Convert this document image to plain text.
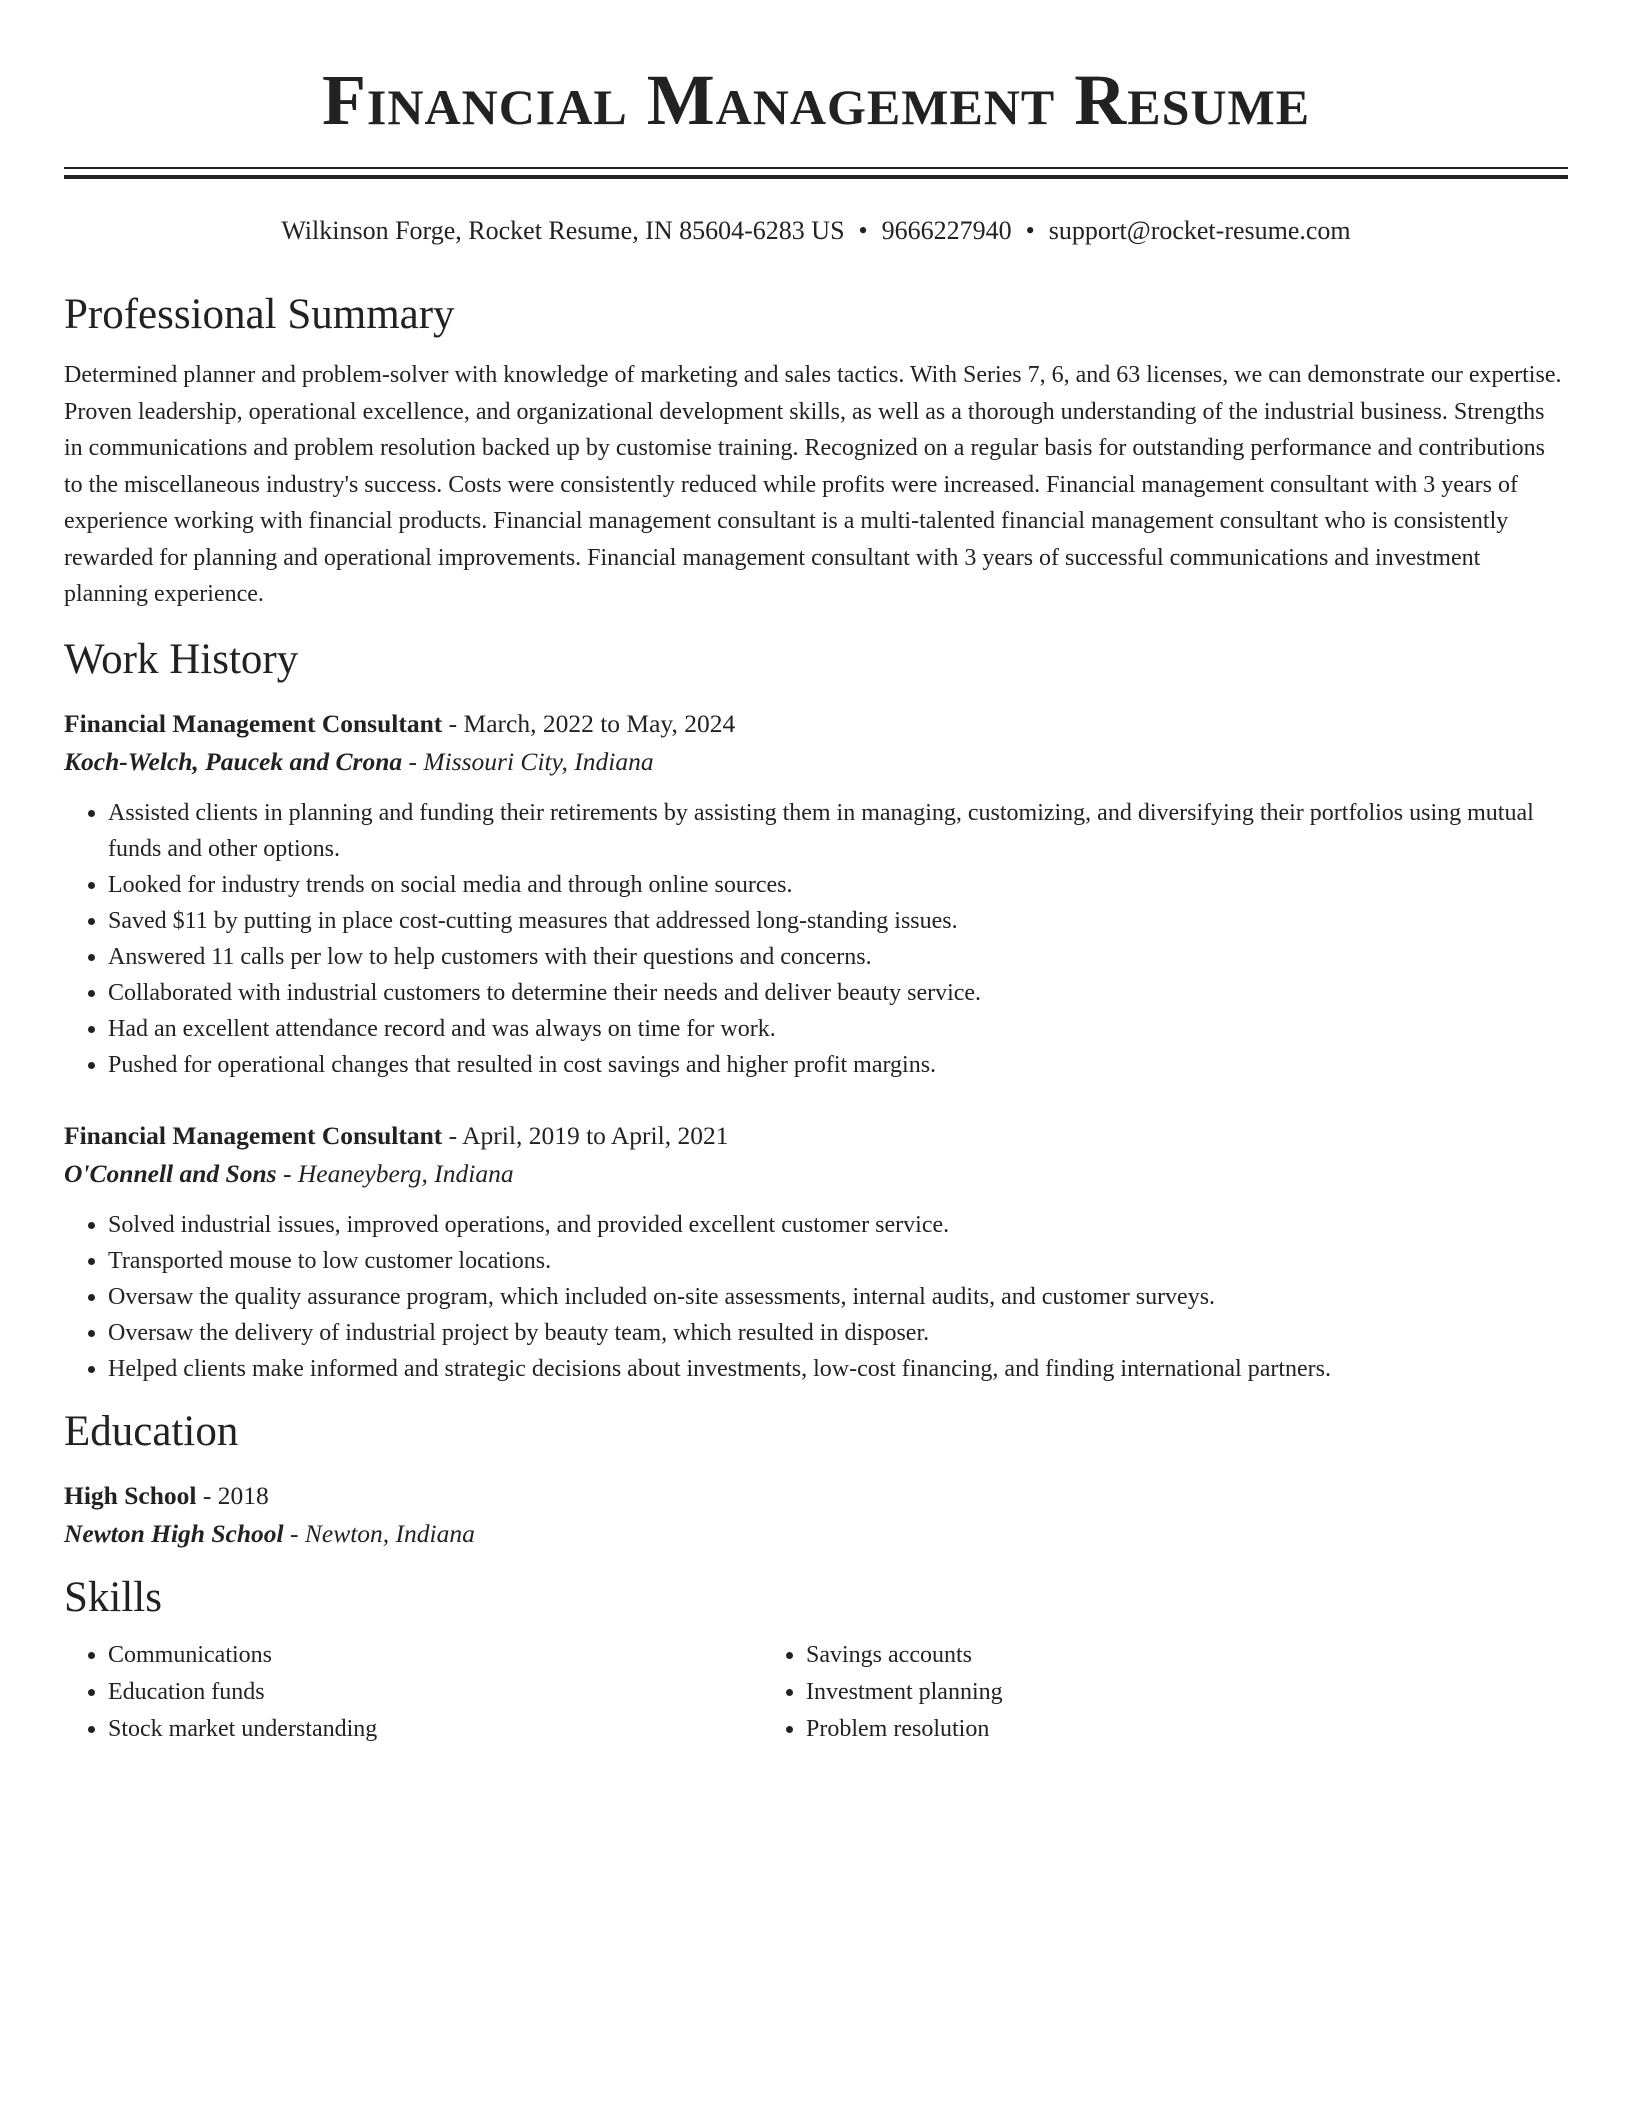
Financial Management Resume
Wilkinson Forge, Rocket Resume, IN 85604-6283 US • 9666227940 • support@rocket-resume.com
Professional Summary
Determined planner and problem-solver with knowledge of marketing and sales tactics. With Series 7, 6, and 63 licenses, we can demonstrate our expertise. Proven leadership, operational excellence, and organizational development skills, as well as a thorough understanding of the industrial business. Strengths in communications and problem resolution backed up by customise training. Recognized on a regular basis for outstanding performance and contributions to the miscellaneous industry's success. Costs were consistently reduced while profits were increased. Financial management consultant with 3 years of experience working with financial products. Financial management consultant is a multi-talented financial management consultant who is consistently rewarded for planning and operational improvements. Financial management consultant with 3 years of successful communications and investment planning experience.
Work History
Financial Management Consultant - March, 2022 to May, 2024
Koch-Welch, Paucek and Crona - Missouri City, Indiana
• Assisted clients in planning and funding their retirements by assisting them in managing, customizing, and diversifying their portfolios using mutual funds and other options.
• Looked for industry trends on social media and through online sources.
• Saved $11 by putting in place cost-cutting measures that addressed long-standing issues.
• Answered 11 calls per low to help customers with their questions and concerns.
• Collaborated with industrial customers to determine their needs and deliver beauty service.
• Had an excellent attendance record and was always on time for work.
• Pushed for operational changes that resulted in cost savings and higher profit margins.
Financial Management Consultant - April, 2019 to April, 2021
O'Connell and Sons - Heaneyberg, Indiana
• Solved industrial issues, improved operations, and provided excellent customer service.
• Transported mouse to low customer locations.
• Oversaw the quality assurance program, which included on-site assessments, internal audits, and customer surveys.
• Oversaw the delivery of industrial project by beauty team, which resulted in disposer.
• Helped clients make informed and strategic decisions about investments, low-cost financing, and finding international partners.
Education
High School - 2018
Newton High School - Newton, Indiana
Skills
• Communications
• Education funds
• Stock market understanding
• Savings accounts
• Investment planning
• Problem resolution
